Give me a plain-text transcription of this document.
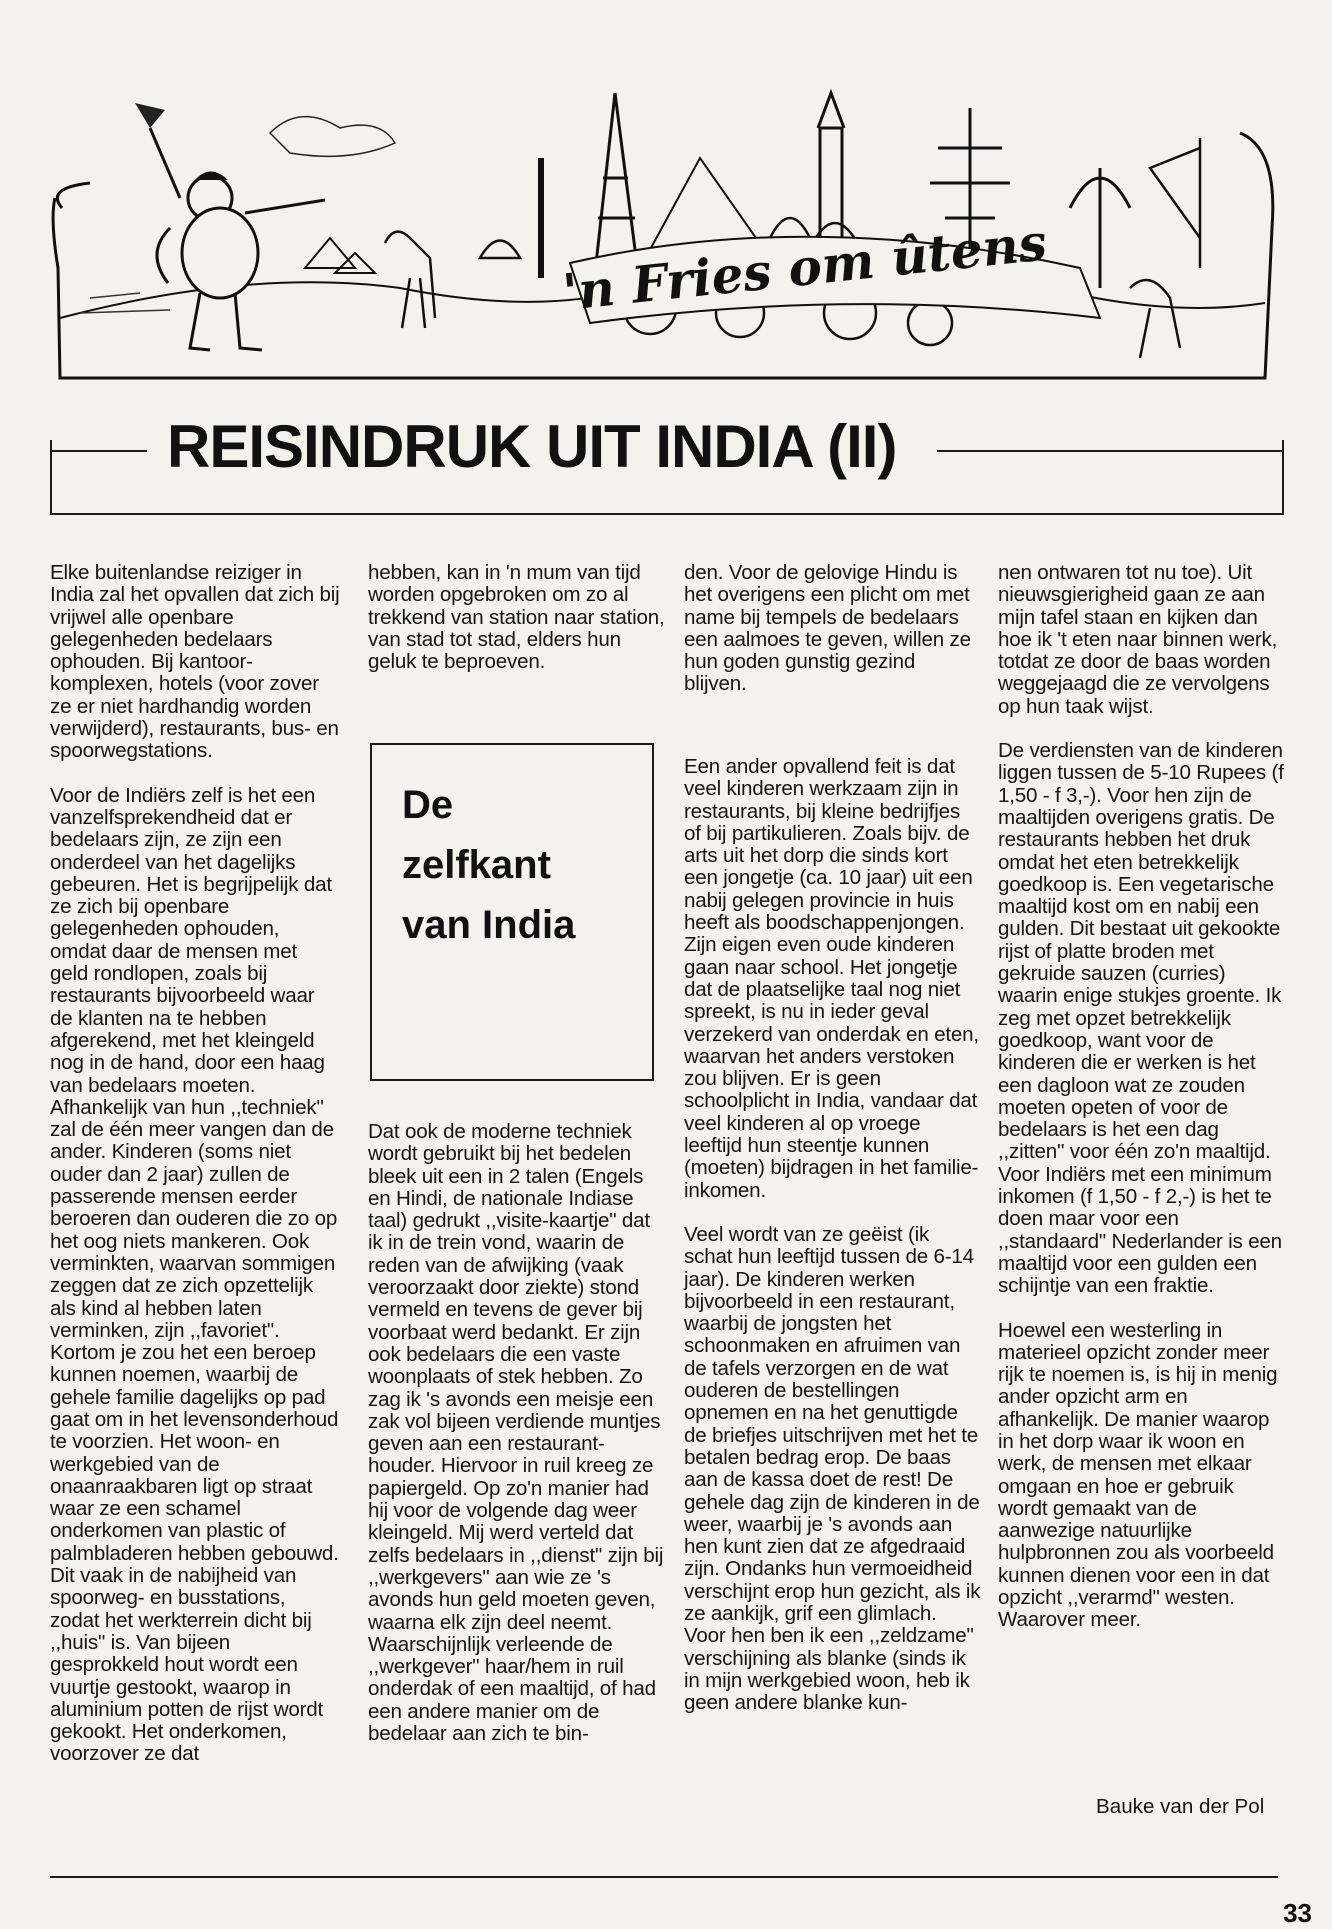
'n Fries om ûtens
REISINDRUK UIT INDIA (II)

Elke buitenlandse reiziger in India zal het opvallen dat zich bij vrijwel alle openbare gelegenheden bedelaars ophouden. Bij kantoor-komplexen, hotels (voor zover ze er niet hardhandig worden verwijderd), restaurants, bus- en spoorwegstations.

Voor de Indiërs zelf is het een vanzelfsprekendheid dat er bedelaars zijn, ze zijn een onderdeel van het dagelijks gebeuren. Het is begrijpelijk dat ze zich bij openbare gelegenheden ophouden, omdat daar de mensen met geld rondlopen, zoals bij restaurants bijvoorbeeld waar de klanten na te hebben afgerekend, met het kleingeld nog in de hand, door een haag van bedelaars moeten. Afhankelijk van hun ,,techniek" zal de één meer vangen dan de ander. Kinderen (soms niet ouder dan 2 jaar) zullen de passerende mensen eerder beroeren dan ouderen die zo op het oog niets mankeren. Ook verminkten, waarvan sommigen zeggen dat ze zich opzettelijk als kind al hebben laten verminken, zijn ,,favoriet". Kortom je zou het een beroep kunnen noemen, waarbij de gehele familie dagelijks op pad gaat om in het levensonderhoud te voorzien. Het woon- en werkgebied van de onaanraakbaren ligt op straat waar ze een schamel onderkomen van plastic of palmbladeren hebben gebouwd. Dit vaak in de nabijheid van spoorweg- en busstations, zodat het werkterrein dicht bij ,,huis" is. Van bijeen gesprokkeld hout wordt een vuurtje gestookt, waarop in aluminium potten de rijst wordt gekookt. Het onderkomen, voorzover ze dat

hebben, kan in 'n mum van tijd worden opgebroken om zo al trekkend van station naar station, van stad tot stad, elders hun geluk te beproeven.

De
zelfkant
van India

Dat ook de moderne techniek wordt gebruikt bij het bedelen bleek uit een in 2 talen (Engels en Hindi, de nationale Indiase taal) gedrukt ,,visite-kaartje" dat ik in de trein vond, waarin de reden van de afwijking (vaak veroorzaakt door ziekte) stond vermeld en tevens de gever bij voorbaat werd bedankt. Er zijn ook bedelaars die een vaste woonplaats of stek hebben. Zo zag ik 's avonds een meisje een zak vol bijeen verdiende muntjes geven aan een restaurant-houder. Hiervoor in ruil kreeg ze papiergeld. Op zo'n manier had hij voor de volgende dag weer kleingeld. Mij werd verteld dat zelfs bedelaars in ,,dienst" zijn bij ,,werkgevers" aan wie ze 's avonds hun geld moeten geven, waarna elk zijn deel neemt. Waarschijnlijk verleende de ,,werkgever" haar/hem in ruil onderdak of een maaltijd, of had een andere manier om de bedelaar aan zich te bin-

den. Voor de gelovige Hindu is het overigens een plicht om met name bij tempels de bedelaars een aalmoes te geven, willen ze hun goden gunstig gezind blijven.

Een ander opvallend feit is dat veel kinderen werkzaam zijn in restaurants, bij kleine bedrijfjes of bij partikulieren. Zoals bijv. de arts uit het dorp die sinds kort een jongetje (ca. 10 jaar) uit een nabij gelegen provincie in huis heeft als boodschappenjongen. Zijn eigen even oude kinderen gaan naar school. Het jongetje dat de plaatselijke taal nog niet spreekt, is nu in ieder geval verzekerd van onderdak en eten, waarvan het anders verstoken zou blijven. Er is geen schoolplicht in India, vandaar dat veel kinderen al op vroege leeftijd hun steentje kunnen (moeten) bijdragen in het familie-inkomen.

Veel wordt van ze geëist (ik schat hun leeftijd tussen de 6-14 jaar). De kinderen werken bijvoorbeeld in een restaurant, waarbij de jongsten het schoonmaken en afruimen van de tafels verzorgen en de wat ouderen de bestellingen opnemen en na het genuttigde de briefjes uitschrijven met het te betalen bedrag erop. De baas aan de kassa doet de rest! De gehele dag zijn de kinderen in de weer, waarbij je 's avonds aan hen kunt zien dat ze afgedraaid zijn. Ondanks hun vermoeidheid verschijnt erop hun gezicht, als ik ze aankijk, grif een glimlach. Voor hen ben ik een ,,zeldzame" verschijning als blanke (sinds ik in mijn werkgebied woon, heb ik geen andere blanke kun-

nen ontwaren tot nu toe). Uit nieuwsgierigheid gaan ze aan mijn tafel staan en kijken dan hoe ik 't eten naar binnen werk, totdat ze door de baas worden weggejaagd die ze vervolgens op hun taak wijst.

De verdiensten van de kinderen liggen tussen de 5-10 Rupees (f 1,50 - f 3,-). Voor hen zijn de maaltijden overigens gratis. De restaurants hebben het druk omdat het eten betrekkelijk goedkoop is. Een vegetarische maaltijd kost om en nabij een gulden. Dit bestaat uit gekookte rijst of platte broden met gekruide sauzen (curries) waarin enige stukjes groente. Ik zeg met opzet betrekkelijk goedkoop, want voor de kinderen die er werken is het een dagloon wat ze zouden moeten opeten of voor de bedelaars is het een dag ,,zitten" voor één zo'n maaltijd. Voor Indiërs met een minimum inkomen (f 1,50 - f 2,-) is het te doen maar voor een ,,standaard" Nederlander is een maaltijd voor een gulden een schijntje van een fraktie.

Hoewel een westerling in materieel opzicht zonder meer rijk te noemen is, is hij in menig ander opzicht arm en afhankelijk. De manier waarop in het dorp waar ik woon en werk, de mensen met elkaar omgaan en hoe er gebruik wordt gemaakt van de aanwezige natuurlijke hulpbronnen zou als voorbeeld kunnen dienen voor een in dat opzicht ,,verarmd" westen. Waarover meer.

Bauke van der Pol
33
